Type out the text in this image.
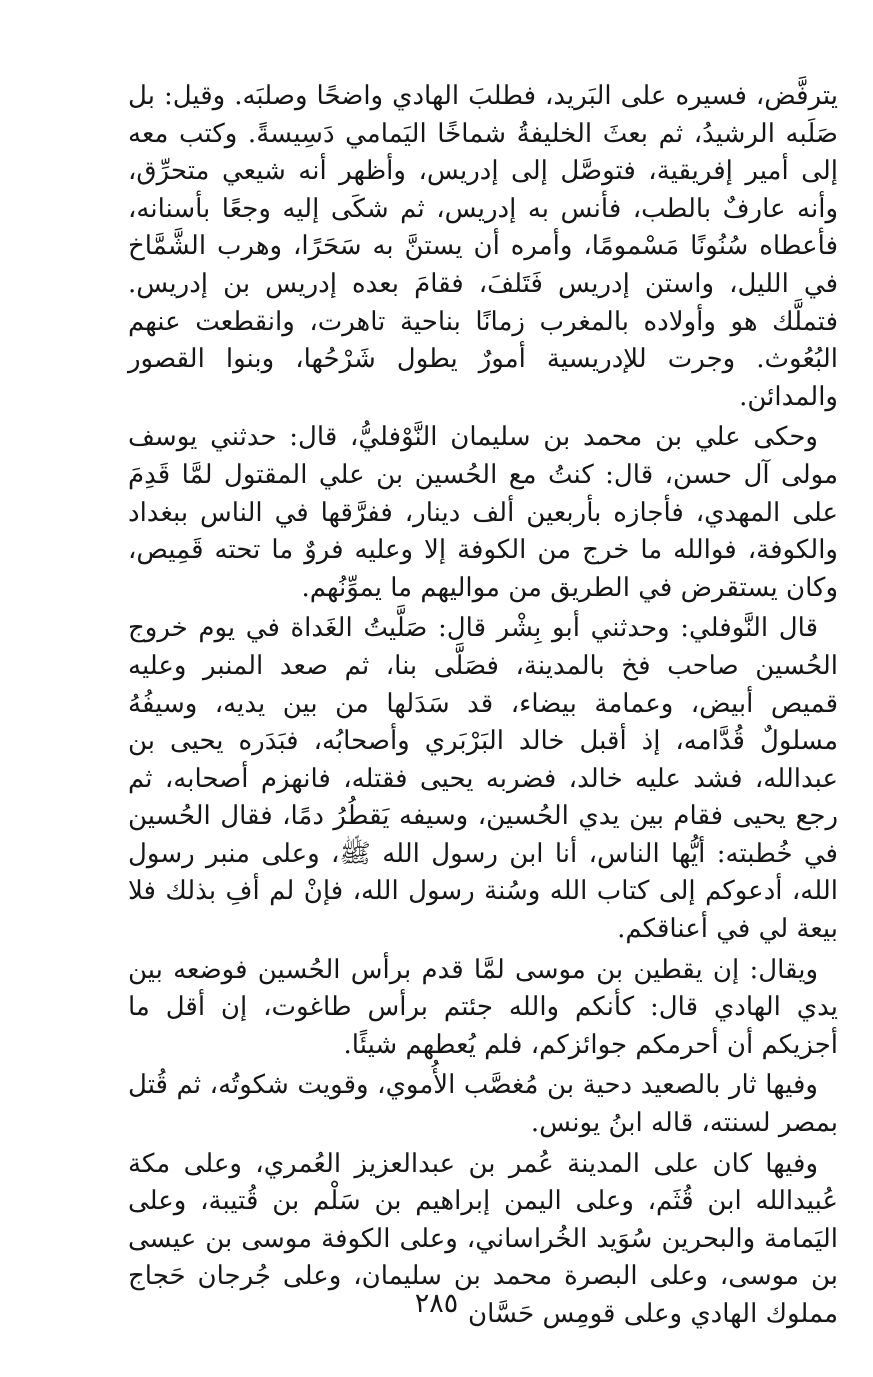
يترفَّض، فسيره على البَريد، فطلبَ الهادي واضحًا وصلبَه. وقيل: بل صَلَبه الرشيدُ، ثم بعثَ الخليفةُ شماخًا اليَمامي دَسِيسةً. وكتب معه إلى أمير إفريقية، فتوصَّل إلى إدريس، وأظهر أنه شيعي متحرِّق، وأنه عارفٌ بالطب، فأنس به إدريس، ثم شكَى إليه وجعًا بأسنانه، فأعطاه سُنُونًا مَسْمومًا، وأمره أن يستنَّ به سَحَرًا، وهرب الشَّمَّاخ في الليل، واستن إدريس فَتَلفَ، فقامَ بعده إدريس بن إدريس. فتملَّك هو وأولاده بالمغرب زمانًا بناحية تاهرت، وانقطعت عنهم البُعُوث. وجرت للإدريسية أمورٌ يطول شَرْحُها، وبنوا القصور والمدائن.

وحكى علي بن محمد بن سليمان النَّوْفليُّ، قال: حدثني يوسف مولى آل حسن، قال: كنتُ مع الحُسين بن علي المقتول لمَّا قَدِمَ على المهدي، فأجازه بأربعين ألف دينار، ففرَّقها في الناس ببغداد والكوفة، فوالله ما خرج من الكوفة إلا وعليه فروٌ ما تحته قَمِيص، وكان يستقرض في الطريق من مواليهم ما يموِّنُهم.

قال النَّوفلي: وحدثني أبو بِشْر قال: صَلَّيتُ الغَداة في يوم خروج الحُسين صاحب فخ بالمدينة، فصَلَّى بنا، ثم صعد المنبر وعليه قميص أبيض، وعمامة بيضاء، قد سَدَلها من بين يديه، وسيفُهُ مسلولٌ قُدَّامه، إذ أقبل خالد البَرْبَري وأصحابُه، فبَدَره يحيى بن عبدالله، فشد عليه خالد، فضربه يحيى فقتله، فانهزم أصحابه، ثم رجع يحيى فقام بين يدي الحُسين، وسيفه يَقطُرُ دمًا، فقال الحُسين في خُطبته: أيُّها الناس، أنا ابن رسول الله ﷺ، وعلى منبر رسول الله، أدعوكم إلى كتاب الله وسُنة رسول الله، فإنْ لم أفِ بذلك فلا بيعة لي في أعناقكم.

ويقال: إن يقطين بن موسى لمَّا قدم برأس الحُسين فوضعه بين يدي الهادي قال: كأنكم والله جئتم برأس طاغوت، إن أقل ما أجزيكم أن أحرمكم جوائزكم، فلم يُعطهم شيئًا.

وفيها ثار بالصعيد دحية بن مُغصَّب الأُموي، وقويت شكوتُه، ثم قُتل بمصر لسنته، قاله ابنُ يونس.

وفيها كان على المدينة عُمر بن عبدالعزيز العُمري، وعلى مكة عُبيدالله ابن قُثَم، وعلى اليمن إبراهيم بن سَلْم بن قُتيبة، وعلى اليَمامة والبحرين سُوَيد الخُراساني، وعلى الكوفة موسى بن عيسى بن موسى، وعلى البصرة محمد بن سليمان، وعلى جُرجان حَجاج مملوك الهادي وعلى قومِس حَسَّان

٢٨٥
